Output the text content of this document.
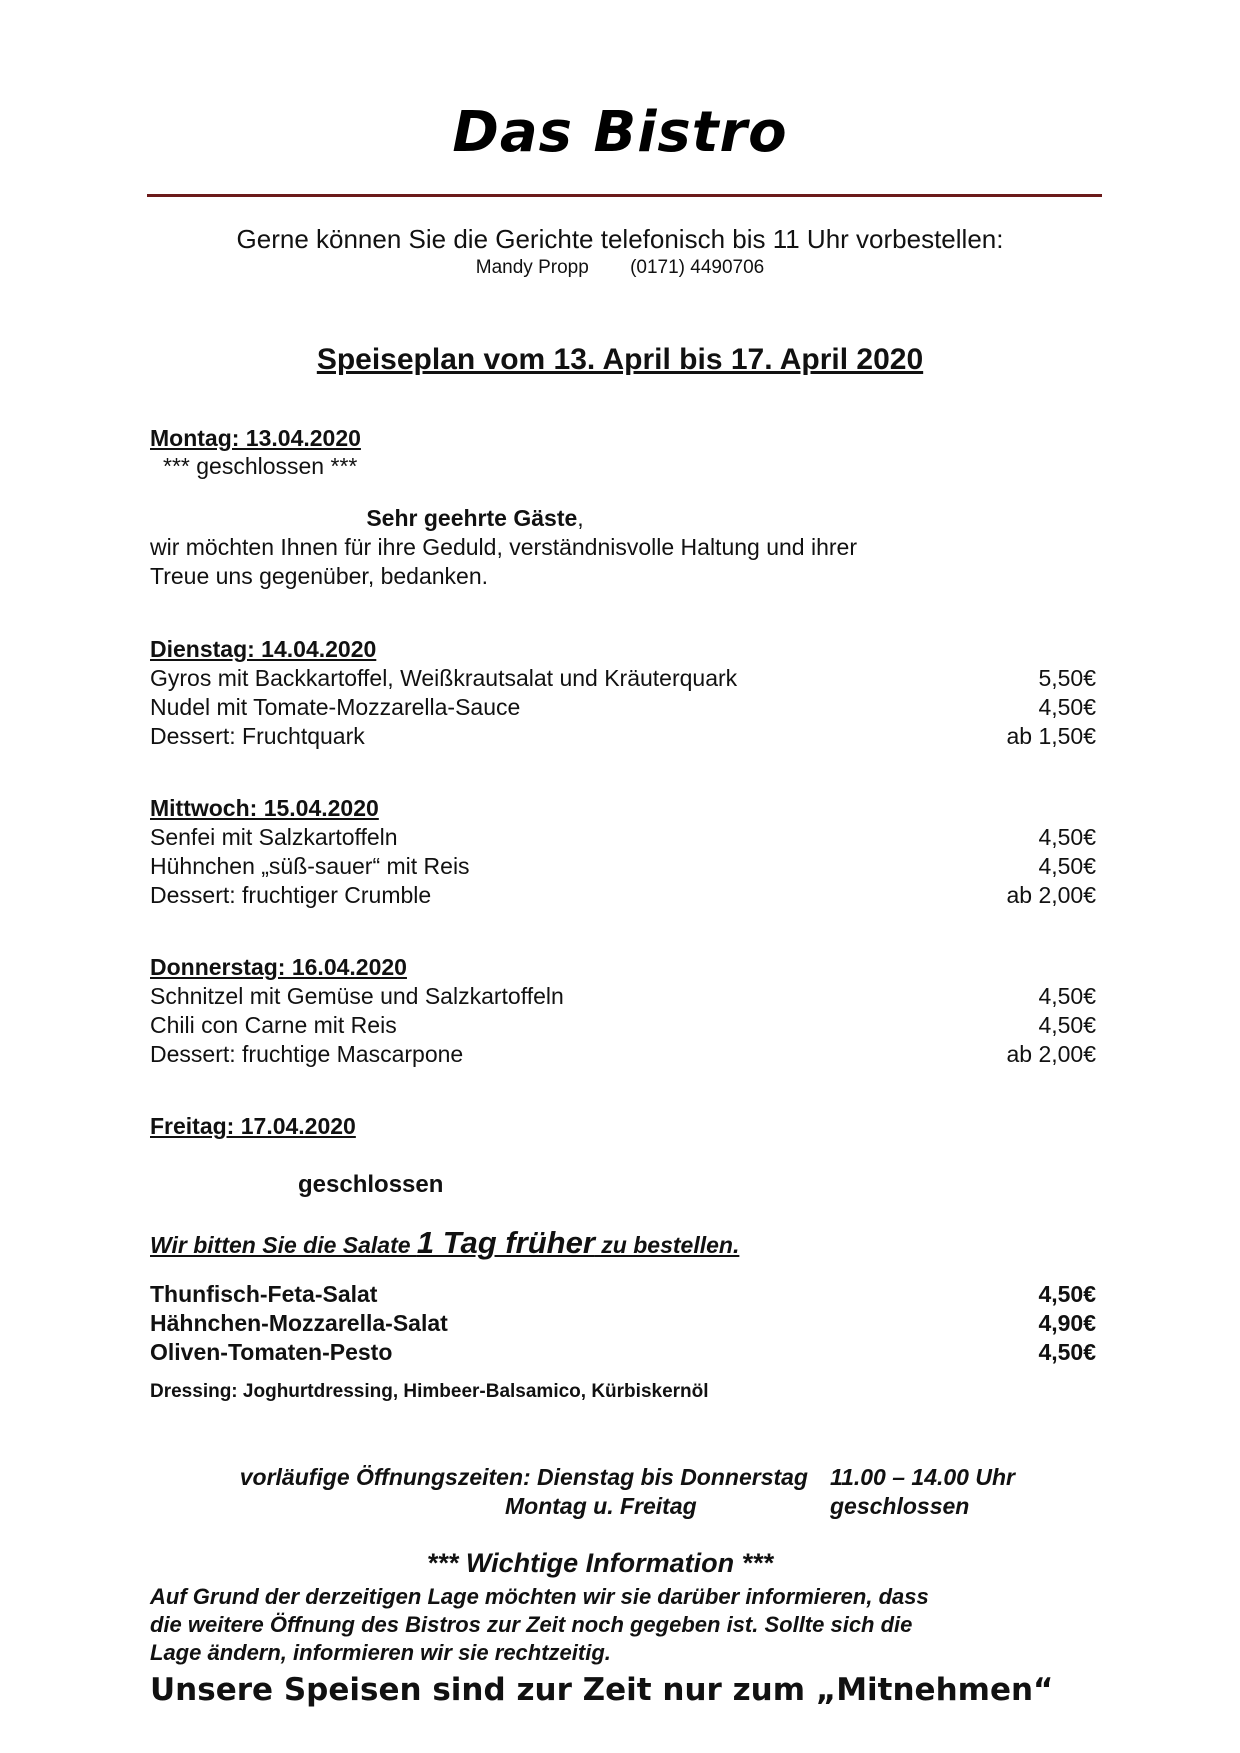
Das Bistro
Gerne können Sie die Gerichte telefonisch bis 11 Uhr vorbestellen:
Mandy Propp (0171) 4490706
Speiseplan vom 13. April bis 17. April 2020
Montag: 13.04.2020
*** geschlossen ***
Sehr geehrte Gäste,
wir möchten Ihnen für ihre Geduld, verständnisvolle Haltung und ihrer
Treue uns gegenüber, bedanken.
Dienstag: 14.04.2020
Gyros mit Backkartoffel, Weißkrautsalat und Kräuterquark	5,50€
Nudel mit Tomate-Mozzarella-Sauce	4,50€
Dessert: Fruchtquark	ab 1,50€
Mittwoch: 15.04.2020
Senfei mit Salzkartoffeln	4,50€
Hühnchen „süß-sauer“ mit Reis	4,50€
Dessert: fruchtiger Crumble	ab 2,00€
Donnerstag: 16.04.2020
Schnitzel mit Gemüse und Salzkartoffeln	4,50€
Chili con Carne mit Reis	4,50€
Dessert: fruchtige Mascarpone	ab 2,00€
Freitag: 17.04.2020
geschlossen
Wir bitten Sie die Salate 1 Tag früher zu bestellen.
Thunfisch-Feta-Salat	4,50€
Hähnchen-Mozzarella-Salat	4,90€
Oliven-Tomaten-Pesto	4,50€
Dressing: Joghurtdressing, Himbeer-Balsamico, Kürbiskernöl
vorläufige Öffnungszeiten: Dienstag bis Donnerstag 11.00 – 14.00 Uhr
Montag u. Freitag	geschlossen
*** Wichtige Information ***
Auf Grund der derzeitigen Lage möchten wir sie darüber informieren, dass
die weitere Öffnung des Bistros zur Zeit noch gegeben ist. Sollte sich die
Lage ändern, informieren wir sie rechtzeitig.
Unsere Speisen sind zur Zeit nur zum „Mitnehmen“
